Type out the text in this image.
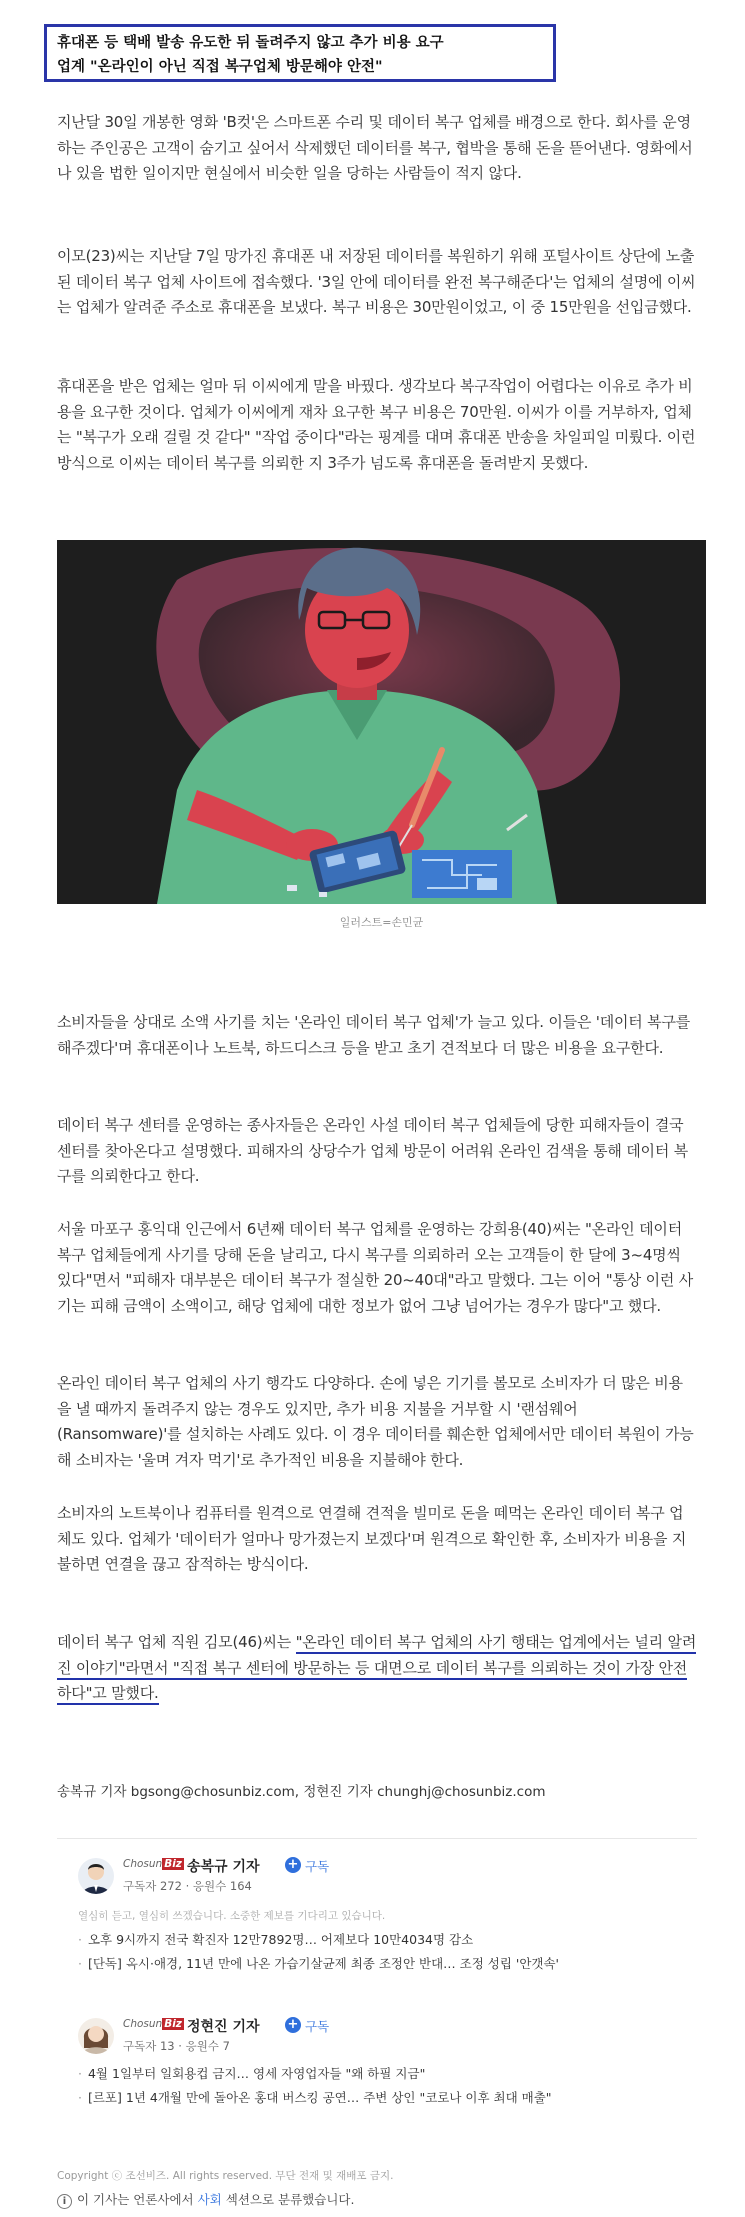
휴대폰 등 택배 발송 유도한 뒤 돌려주지 않고 추가 비용 요구
업계 "온라인이 아닌 직접 복구업체 방문해야 안전"

지난달 30일 개봉한 영화 'B컷'은 스마트폰 수리 및 데이터 복구 업체를 배경으로 한다. 회사를 운영하는 주인공은 고객이 숨기고 싶어서 삭제했던 데이터를 복구, 협박을 통해 돈을 뜯어낸다. 영화에서나 있을 법한 일이지만 현실에서 비슷한 일을 당하는 사람들이 적지 않다.

이모(23)씨는 지난달 7일 망가진 휴대폰 내 저장된 데이터를 복원하기 위해 포털사이트 상단에 노출된 데이터 복구 업체 사이트에 접속했다. '3일 안에 데이터를 완전 복구해준다'는 업체의 설명에 이씨는 업체가 알려준 주소로 휴대폰을 보냈다. 복구 비용은 30만원이었고, 이 중 15만원을 선입금했다.

휴대폰을 받은 업체는 얼마 뒤 이씨에게 말을 바꿨다. 생각보다 복구작업이 어렵다는 이유로 추가 비용을 요구한 것이다. 업체가 이씨에게 재차 요구한 복구 비용은 70만원. 이씨가 이를 거부하자, 업체는 "복구가 오래 걸릴 것 같다" "작업 중이다"라는 핑계를 대며 휴대폰 반송을 차일피일 미뤘다. 이런 방식으로 이씨는 데이터 복구를 의뢰한 지 3주가 넘도록 휴대폰을 돌려받지 못했다.

일러스트=손민균

소비자들을 상대로 소액 사기를 치는 '온라인 데이터 복구 업체'가 늘고 있다. 이들은 '데이터 복구를 해주겠다'며 휴대폰이나 노트북, 하드디스크 등을 받고 초기 견적보다 더 많은 비용을 요구한다.

데이터 복구 센터를 운영하는 종사자들은 온라인 사설 데이터 복구 업체들에 당한 피해자들이 결국 센터를 찾아온다고 설명했다. 피해자의 상당수가 업체 방문이 어려워 온라인 검색을 통해 데이터 복구를 의뢰한다고 한다.

서울 마포구 홍익대 인근에서 6년째 데이터 복구 업체를 운영하는 강희용(40)씨는 "온라인 데이터 복구 업체들에게 사기를 당해 돈을 날리고, 다시 복구를 의뢰하러 오는 고객들이 한 달에 3~4명씩 있다"면서 "피해자 대부분은 데이터 복구가 절실한 20~40대"라고 말했다. 그는 이어 "통상 이런 사기는 피해 금액이 소액이고, 해당 업체에 대한 정보가 없어 그냥 넘어가는 경우가 많다"고 했다.

온라인 데이터 복구 업체의 사기 행각도 다양하다. 손에 넣은 기기를 볼모로 소비자가 더 많은 비용을 낼 때까지 돌려주지 않는 경우도 있지만, 추가 비용 지불을 거부할 시 '랜섬웨어(Ransomware)'를 설치하는 사례도 있다. 이 경우 데이터를 훼손한 업체에서만 데이터 복원이 가능해 소비자는 '울며 겨자 먹기'로 추가적인 비용을 지불해야 한다.

소비자의 노트북이나 컴퓨터를 원격으로 연결해 견적을 빌미로 돈을 떼먹는 온라인 데이터 복구 업체도 있다. 업체가 '데이터가 얼마나 망가졌는지 보겠다'며 원격으로 확인한 후, 소비자가 비용을 지불하면 연결을 끊고 잠적하는 방식이다.

데이터 복구 업체 직원 김모(46)씨는 "온라인 데이터 복구 업체의 사기 행태는 업계에서는 널리 알려진 이야기"라면서 "직접 복구 센터에 방문하는 등 대면으로 데이터 복구를 의뢰하는 것이 가장 안전하다"고 말했다.

송복규 기자 bgsong@chosunbiz.com, 정현진 기자 chunghj@chosunbiz.com
Chosun Biz 송복규 기자 + 구독
구독자 272 · 응원수 164
열심히 듣고, 열심히 쓰겠습니다. 소중한 제보를 기다리고 있습니다.
· 오후 9시까지 전국 확진자 12만7892명… 어제보다 10만4034명 감소
· [단독] 옥시·애경, 11년 만에 나온 가습기살균제 최종 조정안 반대… 조정 성립 '안갯속'
Chosun Biz 정현진 기자 + 구독
구독자 13 · 응원수 7
· 4월 1일부터 일회용컵 금지… 영세 자영업자들 "왜 하필 지금"
· [르포] 1년 4개월 만에 돌아온 홍대 버스킹 공연… 주변 상인 "코로나 이후 최대 매출"
Copyright ⓒ 조선비즈. All rights reserved. 무단 전재 및 재배포 금지.
i 이 기사는 언론사에서 사회 섹션으로 분류했습니다.
